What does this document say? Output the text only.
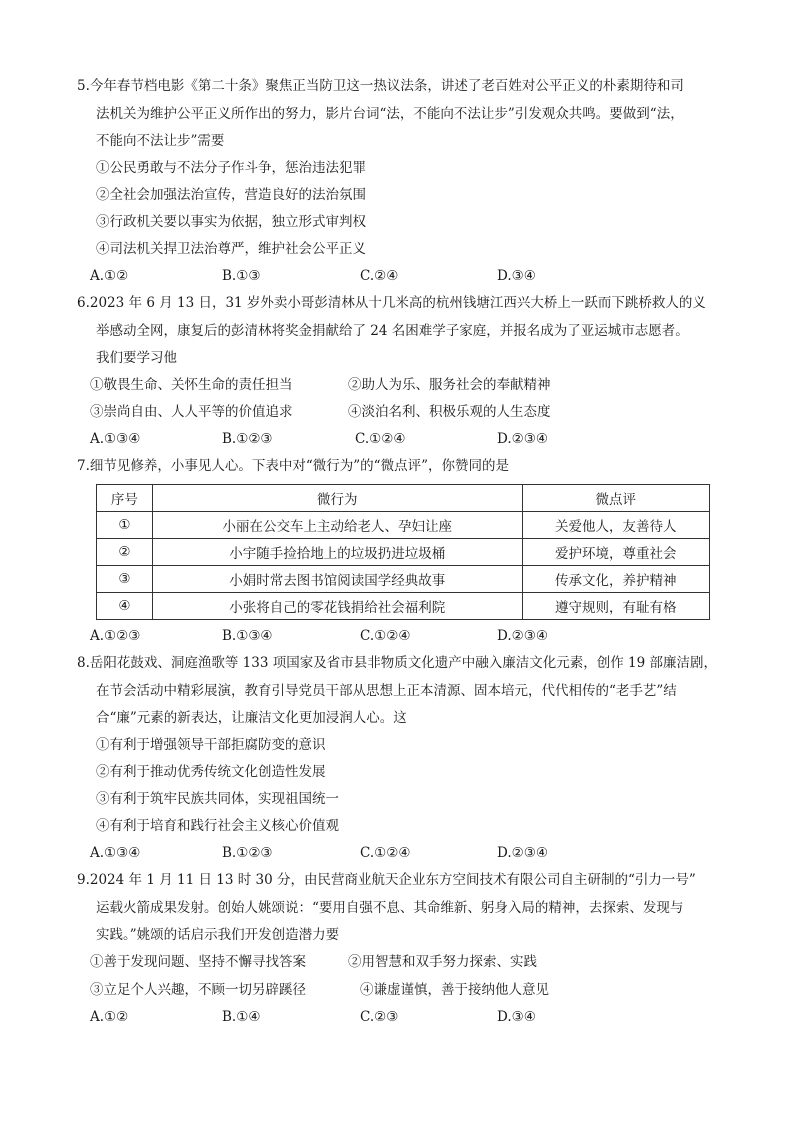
5.今年春节档电影《第二十条》聚焦正当防卫这一热议法条，讲述了老百姓对公平正义的朴素期待和司
法机关为维护公平正义所作出的努力，影片台词“法，不能向不法让步”引发观众共鸣。要做到“法，
不能向不法让步”需要
①公民勇敢与不法分子作斗争，惩治违法犯罪
②全社会加强法治宣传，营造良好的法治氛围
③行政机关要以事实为依据，独立形式审判权
④司法机关捍卫法治尊严，维护社会公平正义
A.①②	B.①③	C.②④	D.③④
6.2023 年 6 月 13 日，31 岁外卖小哥彭清林从十几米高的杭州钱塘江西兴大桥上一跃而下跳桥救人的义
举感动全网，康复后的彭清林将奖金捐献给了 24 名困难学子家庭，并报名成为了亚运城市志愿者。
我们要学习他
①敬畏生命、关怀生命的责任担当	②助人为乐、服务社会的奉献精神
③崇尚自由、人人平等的价值追求	④淡泊名利、积极乐观的人生态度
A.①③④	B.①②③	C.①②④	D.②③④
7.细节见修养，小事见人心。下表中对“微行为”的“微点评”，你赞同的是
序号	微行为	微点评
①	小丽在公交车上主动给老人、孕妇让座	关爱他人，友善待人
②	小宇随手捡拾地上的垃圾扔进垃圾桶	爱护环境，尊重社会
③	小娟时常去图书馆阅读国学经典故事	传承文化，养护精神
④	小张将自己的零花钱捐给社会福利院	遵守规则，有耻有格
A.①②③	B.①③④	C.①②④	D.②③④
8.岳阳花鼓戏、洞庭渔歌等 133 项国家及省市县非物质文化遗产中融入廉洁文化元素，创作 19 部廉洁剧，
在节会活动中精彩展演，教育引导党员干部从思想上正本清源、固本培元，代代相传的“老手艺”结
合“廉”元素的新表达，让廉洁文化更加浸润人心。这
①有利于增强领导干部拒腐防变的意识
②有利于推动优秀传统文化创造性发展
③有利于筑牢民族共同体，实现祖国统一
④有利于培育和践行社会主义核心价值观
A.①③④	B.①②③	C.①②④	D.②③④
9.2024 年 1 月 11 日 13 时 30 分，由民营商业航天企业东方空间技术有限公司自主研制的“引力一号”
运载火箭成果发射。创始人姚颂说：“要用自强不息、其命维新、躬身入局的精神，去探索、发现与
实践。”姚颂的话启示我们开发创造潜力要
①善于发现问题、坚持不懈寻找答案	②用智慧和双手努力探索、实践
③立足个人兴趣，不顾一切另辟蹊径	④谦虚谨慎，善于接纳他人意见
A.①②	B.①④	C.②③	D.③④
